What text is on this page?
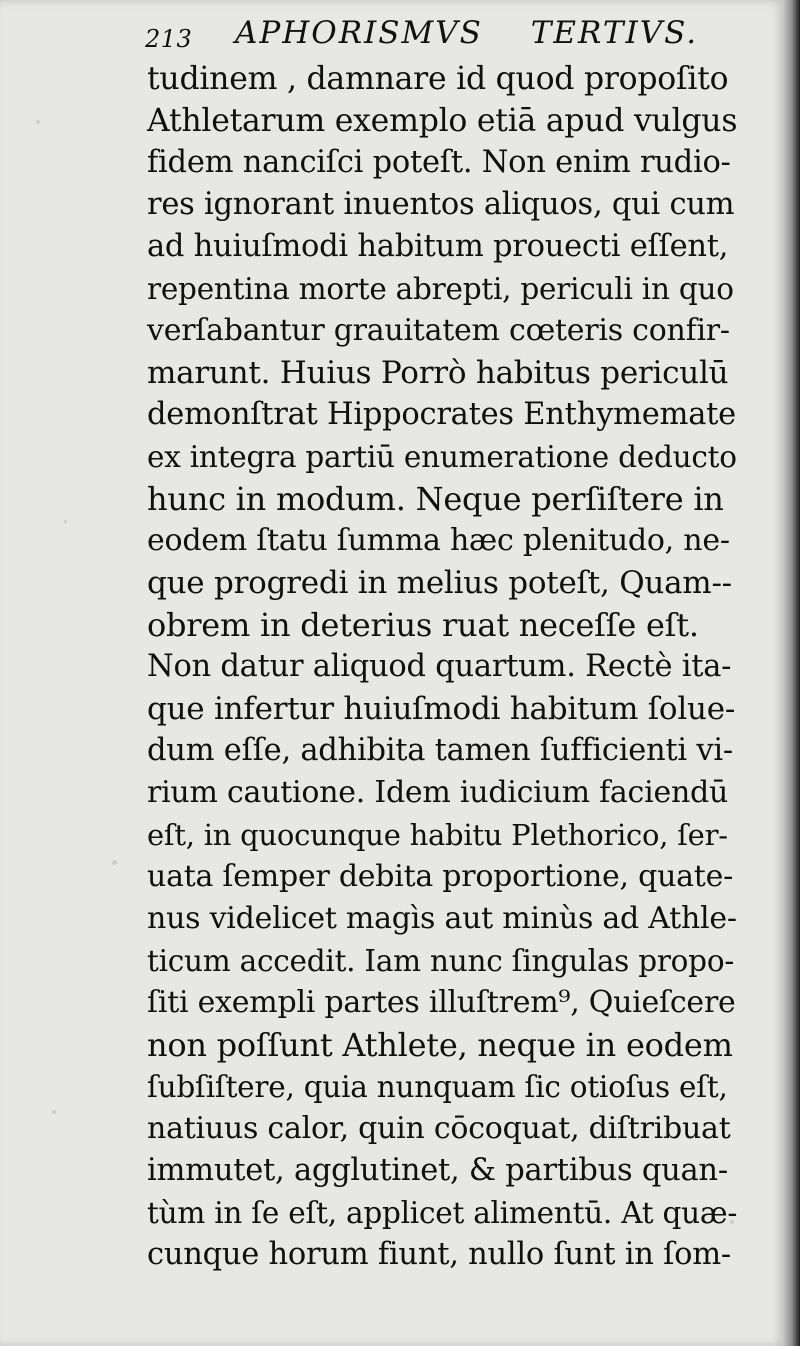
213 APHORISMVS TERTIVS.
tudinem , damnare id quod propoſito
Athletarum exemplo etiā apud vulgus
fidem nanciſci poteſt. Non enim rudio-
res ignorant inuentos aliquos, qui cum
ad huiuſmodi habitum prouecti eſſent,
repentina morte abrepti, periculi in quo
verſabantur grauitatem cœteris confir-
marunt. Huius Porrò habitus periculū
demonſtrat Hippocrates Enthymemate
ex integra partiū enumeratione deducto
hunc in modum. Neque perſiſtere in
eodem ſtatu ſumma hæc plenitudo, ne-
que progredi in melius poteſt, Quam--
obrem in deterius ruat neceſſe eſt.
Non datur aliquod quartum. Rectè ita-
que infertur huiuſmodi habitum ſolue-
dum eſſe, adhibita tamen ſufficienti vi-
rium cautione. Idem iudicium faciendū
eſt, in quocunque habitu Plethorico, ſer-
uata ſemper debita proportione, quate-
nus videlicet magìs aut minùs ad Athle-
ticum accedit. Iam nunc ſingulas propo-
ſiti exempli partes illuſtrem⁹, Quieſcere
non poſſunt Athlete, neque in eodem
ſubſiſtere, quia nunquam ſic otioſus eſt,
natiuus calor, quin cōcoquat, diſtribuat
immutet, agglutinet, & partibus quan-
tùm in ſe eſt, applicet alimentū. At quæ-
cunque horum fiunt, nullo ſunt in ſom-
